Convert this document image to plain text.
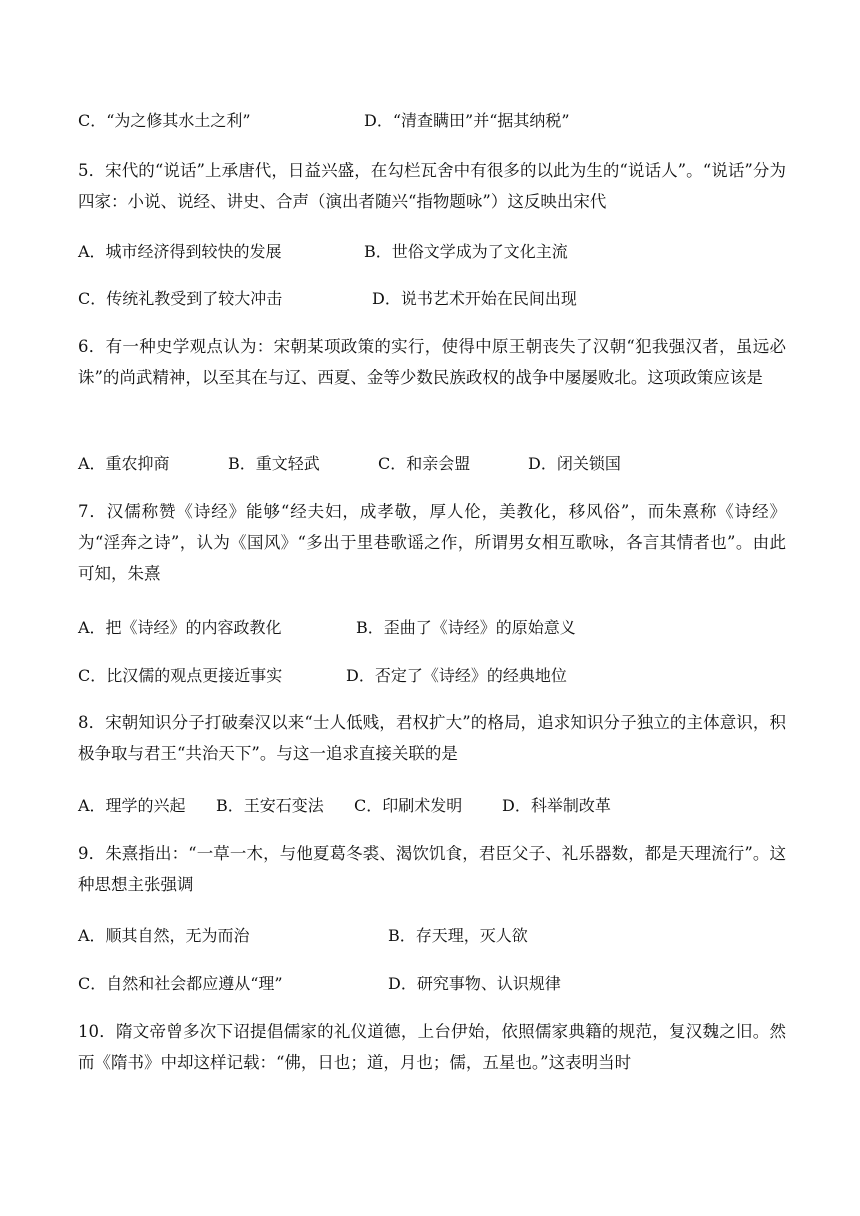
C．“为之修其水土之利”	D．“清查瞒田”并“据其纳税”
5．宋代的“说话”上承唐代，日益兴盛，在勾栏瓦舍中有很多的以此为生的“说话人”。“说话”分为四家：小说、说经、讲史、合声（演出者随兴“指物题咏”）这反映出宋代
A．城市经济得到较快的发展	B．世俗文学成为了文化主流
C．传统礼教受到了较大冲击	D．说书艺术开始在民间出现
6．有一种史学观点认为：宋朝某项政策的实行，使得中原王朝丧失了汉朝“犯我强汉者，虽远必诛”的尚武精神，以至其在与辽、西夏、金等少数民族政权的战争中屡屡败北。这项政策应该是
A．重农抑商	B．重文轻武	C．和亲会盟	D．闭关锁国
7．汉儒称赞《诗经》能够“经夫妇，成孝敬，厚人伦，美教化，移风俗”，而朱熹称《诗经》为“淫奔之诗”，认为《国风》“多出于里巷歌谣之作，所谓男女相互歌咏，各言其情者也”。由此可知，朱熹
A．把《诗经》的内容政教化	B．歪曲了《诗经》的原始意义
C．比汉儒的观点更接近事实	D．否定了《诗经》的经典地位
8．宋朝知识分子打破秦汉以来“士人低贱，君权扩大”的格局，追求知识分子独立的主体意识，积极争取与君王“共治天下”。与这一追求直接关联的是
A．理学的兴起 B．王安石变法 C．印刷术发明 D．科举制改革
9．朱熹指出：“一草一木，与他夏葛冬裘、渴饮饥食，君臣父子、礼乐器数，都是天理流行”。这种思想主张强调
A．顺其自然，无为而治	B．存天理，灭人欲
C．自然和社会都应遵从“理”	D．研究事物、认识规律
10．隋文帝曾多次下诏提倡儒家的礼仪道德，上台伊始，依照儒家典籍的规范，复汉魏之旧。然而《隋书》中却这样记载：“佛，日也；道，月也；儒，五星也。”这表明当时
